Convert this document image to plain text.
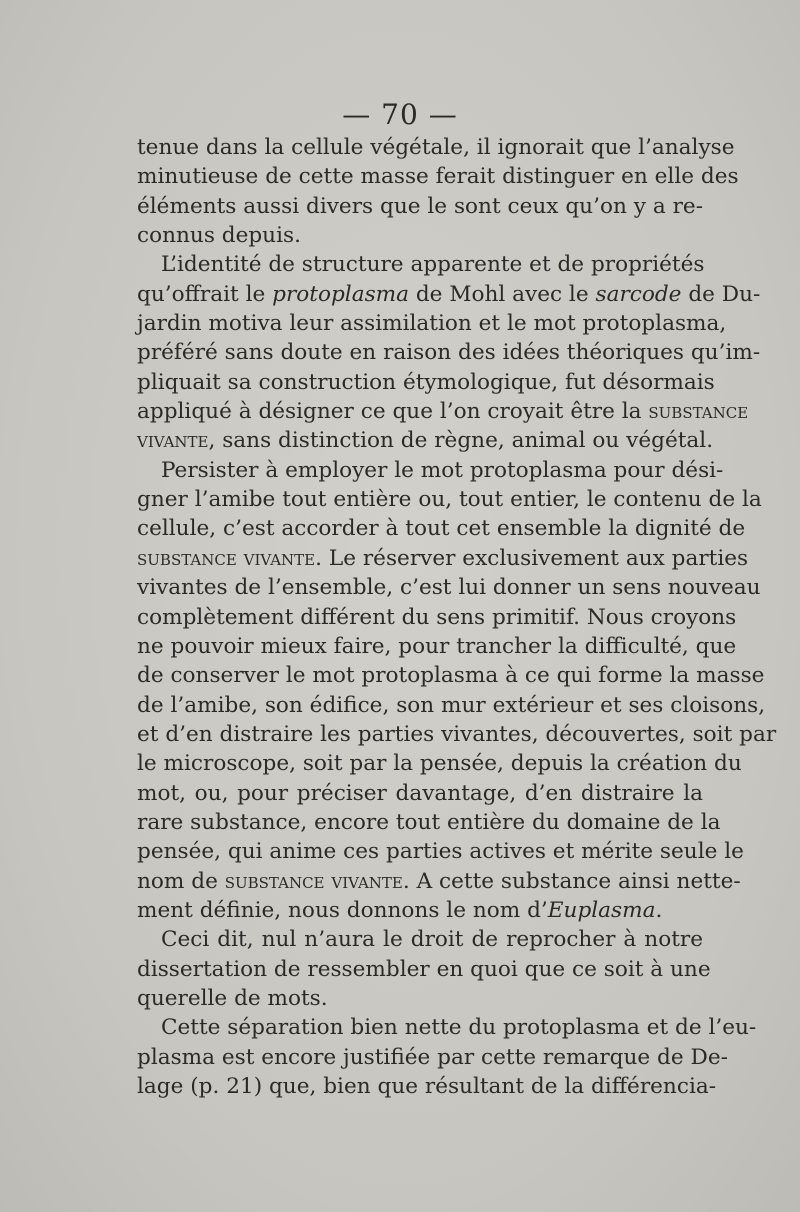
— 70 —
tenue dans la cellule végétale, il ignorait que l’analyse
minutieuse de cette masse ferait distinguer en elle des
éléments aussi divers que le sont ceux qu’on y a re-
connus depuis.
L’identité de structure apparente et de propriétés
qu’offrait le protoplasma de Mohl avec le sarcode de Du-
jardin motiva leur assimilation et le mot protoplasma,
préféré sans doute en raison des idées théoriques qu’im-
pliquait sa construction étymologique, fut désormais
appliqué à désigner ce que l’on croyait être la substance
vivante, sans distinction de règne, animal ou végétal.
Persister à employer le mot protoplasma pour dési-
gner l’amibe tout entière ou, tout entier, le contenu de la
cellule, c’est accorder à tout cet ensemble la dignité de
substance vivante. Le réserver exclusivement aux parties
vivantes de l’ensemble, c’est lui donner un sens nouveau
complètement différent du sens primitif. Nous croyons
ne pouvoir mieux faire, pour trancher la difficulté, que
de conserver le mot protoplasma à ce qui forme la masse
de l’amibe, son édifice, son mur extérieur et ses cloisons,
et d’en distraire les parties vivantes, découvertes, soit par
le microscope, soit par la pensée, depuis la création du
mot, ou, pour préciser davantage, d’en distraire la
rare substance, encore tout entière du domaine de la
pensée, qui anime ces parties actives et mérite seule le
nom de substance vivante. A cette substance ainsi nette-
ment définie, nous donnons le nom d’Euplasma.
Ceci dit, nul n’aura le droit de reprocher à notre
dissertation de ressembler en quoi que ce soit à une
querelle de mots.
Cette séparation bien nette du protoplasma et de l’eu-
plasma est encore justifiée par cette remarque de De-
lage (p. 21) que, bien que résultant de la différencia-
